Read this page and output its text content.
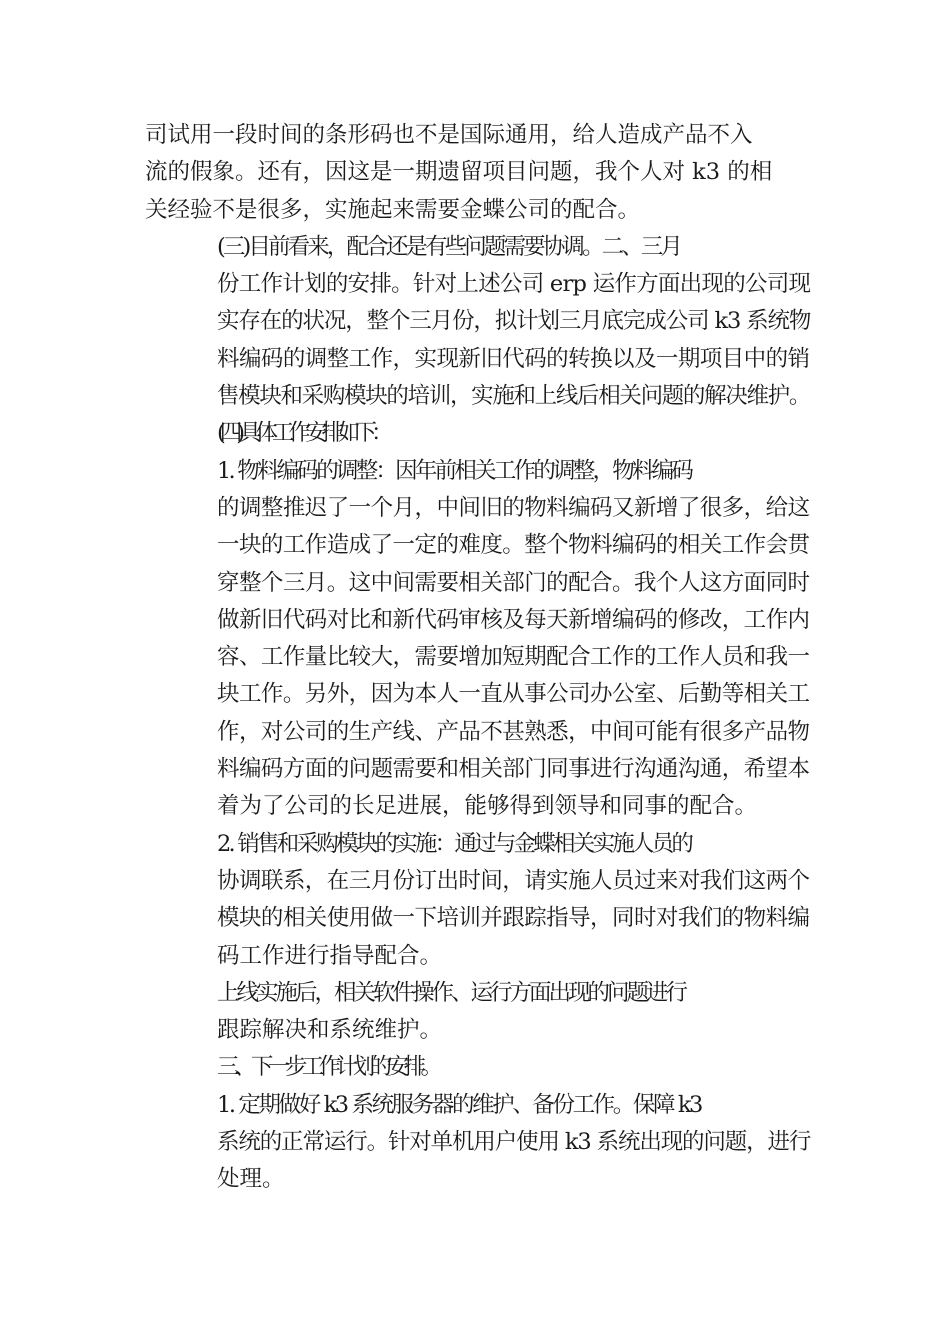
司试用一段时间的条形码也不是国际通用，给人造成产品不入
流的假象。还有，因这是一期遗留项目问题，我个人对 k3 的相
关经验不是很多，实施起来需要金蝶公司的配合。

(三)目前看来，配合还是有些问题需要协调。二、三月
份工作计划的安排。针对上述公司 erp 运作方面出现的公司现
实存在的状况，整个三月份，拟计划三月底完成公司 k3 系统物
料编码的调整工作，实现新旧代码的转换以及一期项目中的销
售模块和采购模块的培训，实施和上线后相关问题的解决维护。

(四)具体工作安排如下：

1. 物料编码的调整：因年前相关工作的调整，物料编码
的调整推迟了一个月，中间旧的物料编码又新增了很多，给这
一块的工作造成了一定的难度。整个物料编码的相关工作会贯
穿整个三月。这中间需要相关部门的配合。我个人这方面同时
做新旧代码对比和新代码审核及每天新增编码的修改，工作内
容、工作量比较大，需要增加短期配合工作的工作人员和我一
块工作。另外，因为本人一直从事公司办公室、后勤等相关工
作，对公司的生产线、产品不甚熟悉，中间可能有很多产品物
料编码方面的问题需要和相关部门同事进行沟通沟通，希望本
着为了公司的长足进展，能够得到领导和同事的配合。

2. 销售和采购模块的实施：通过与金蝶相关实施人员的
协调联系，在三月份订出时间，请实施人员过来对我们这两个
模块的相关使用做一下培训并跟踪指导，同时对我们的物料编
码工作进行指导配合。

上线实施后，相关软件操作、运行方面出现的问题进行
跟踪解决和系统维护。

三、下一步工作计划的安排。

1. 定期做好 k3 系统服务器的维护、备份工作。保障 k3
系统的正常运行。针对单机用户使用 k3 系统出现的问题，进行
处理。
